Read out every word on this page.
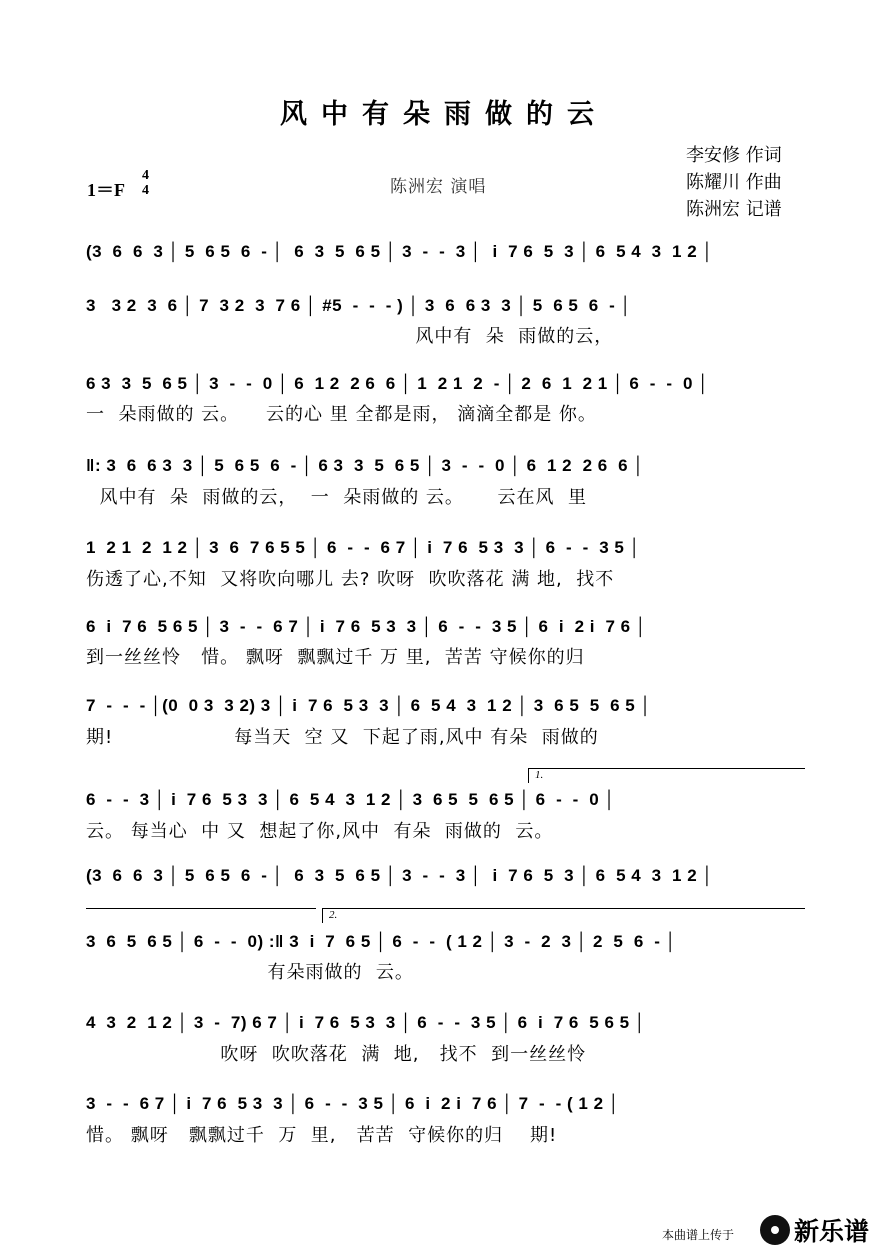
风中有朵雨做的云
李安修 作词
陈耀川 作曲
陈洲宏 记谱
1＝F
4
4	陈洲宏 演唱
(3  6  6  3 │ 5  6 5  6  - │  6  3  5  6 5 │ 3  -  -  3 │  i  7 6  5  3 │ 6  5 4  3  1 2 │
3   3 2  3  6 │ 7  3 2  3  7 6 │ #5  -  -  - ) │ 3  6  6 3  3 │ 5  6 5  6  - │
风中有  朵  雨做的云，
6 3  3  5  6 5 │ 3  -  -  0 │ 6  1 2  2 6  6 │ 1  2 1  2  - │ 2  6  1  2 1 │ 6  -  -  0 │
一  朵雨做的 云。    云的心 里 全都是雨， 滴滴全都是 你。
‖: 3  6  6 3  3 │ 5  6 5  6  - │ 6 3  3  5  6 5 │ 3  -  -  0 │ 6  1 2  2 6  6 │
风中有  朵  雨做的云，  一  朵雨做的 云。     云在风  里
1  2 1  2  1 2 │ 3  6  7 6 5 5 │ 6  -  -  6 7 │ i  7 6  5 3  3 │ 6  -  -  3 5 │
伤透了心,不知  又将吹向哪儿 去? 吹呀  吹吹落花 满 地,  找不
6  i  7 6  5 6 5 │ 3  -  -  6 7 │ i  7 6  5 3  3 │ 6  -  -  3 5 │ 6  i  2 i  7 6 │
到一丝丝怜   惜。 飘呀  飘飘过千 万 里,  苦苦 守候你的归
7  -  -  - │(0  0 3  3 2) 3 │ i  7 6  5 3  3 │ 6  5 4  3  1 2 │ 3  6 5  5  6 5 │
期!                  每当天  空 又  下起了雨,风中 有朵  雨做的
1.
6  -  -  3 │ i  7 6  5 3  3 │ 6  5 4  3  1 2 │ 3  6 5  5  6 5 │ 6  -  -  0 │
云。 每当心  中 又  想起了你,风中  有朵  雨做的  云。
(3  6  6  3 │ 5  6 5  6  - │  6  3  5  6 5 │ 3  -  -  3 │  i  7 6  5  3 │ 6  5 4  3  1 2 │
2.
3  6  5  6 5 │ 6  -  -  0) :‖ 3  i  7  6 5 │ 6  -  -  ( 1 2 │ 3  -  2  3 │ 2  5  6  - │
有朵雨做的  云。
4  3  2  1 2 │ 3  -  7) 6 7 │ i  7 6  5 3  3 │ 6  -  -  3 5 │ 6  i  7 6  5 6 5 │
吹呀  吹吹落花  满  地,   找不  到一丝丝怜
3  -  -  6 7 │ i  7 6  5 3  3 │ 6  -  -  3 5 │ 6  i  2 i  7 6 │ 7  -  - ( 1 2 │
惜。 飘呀   飘飘过千  万  里,   苦苦  守候你的归    期!
本曲谱上传于 新乐谱
